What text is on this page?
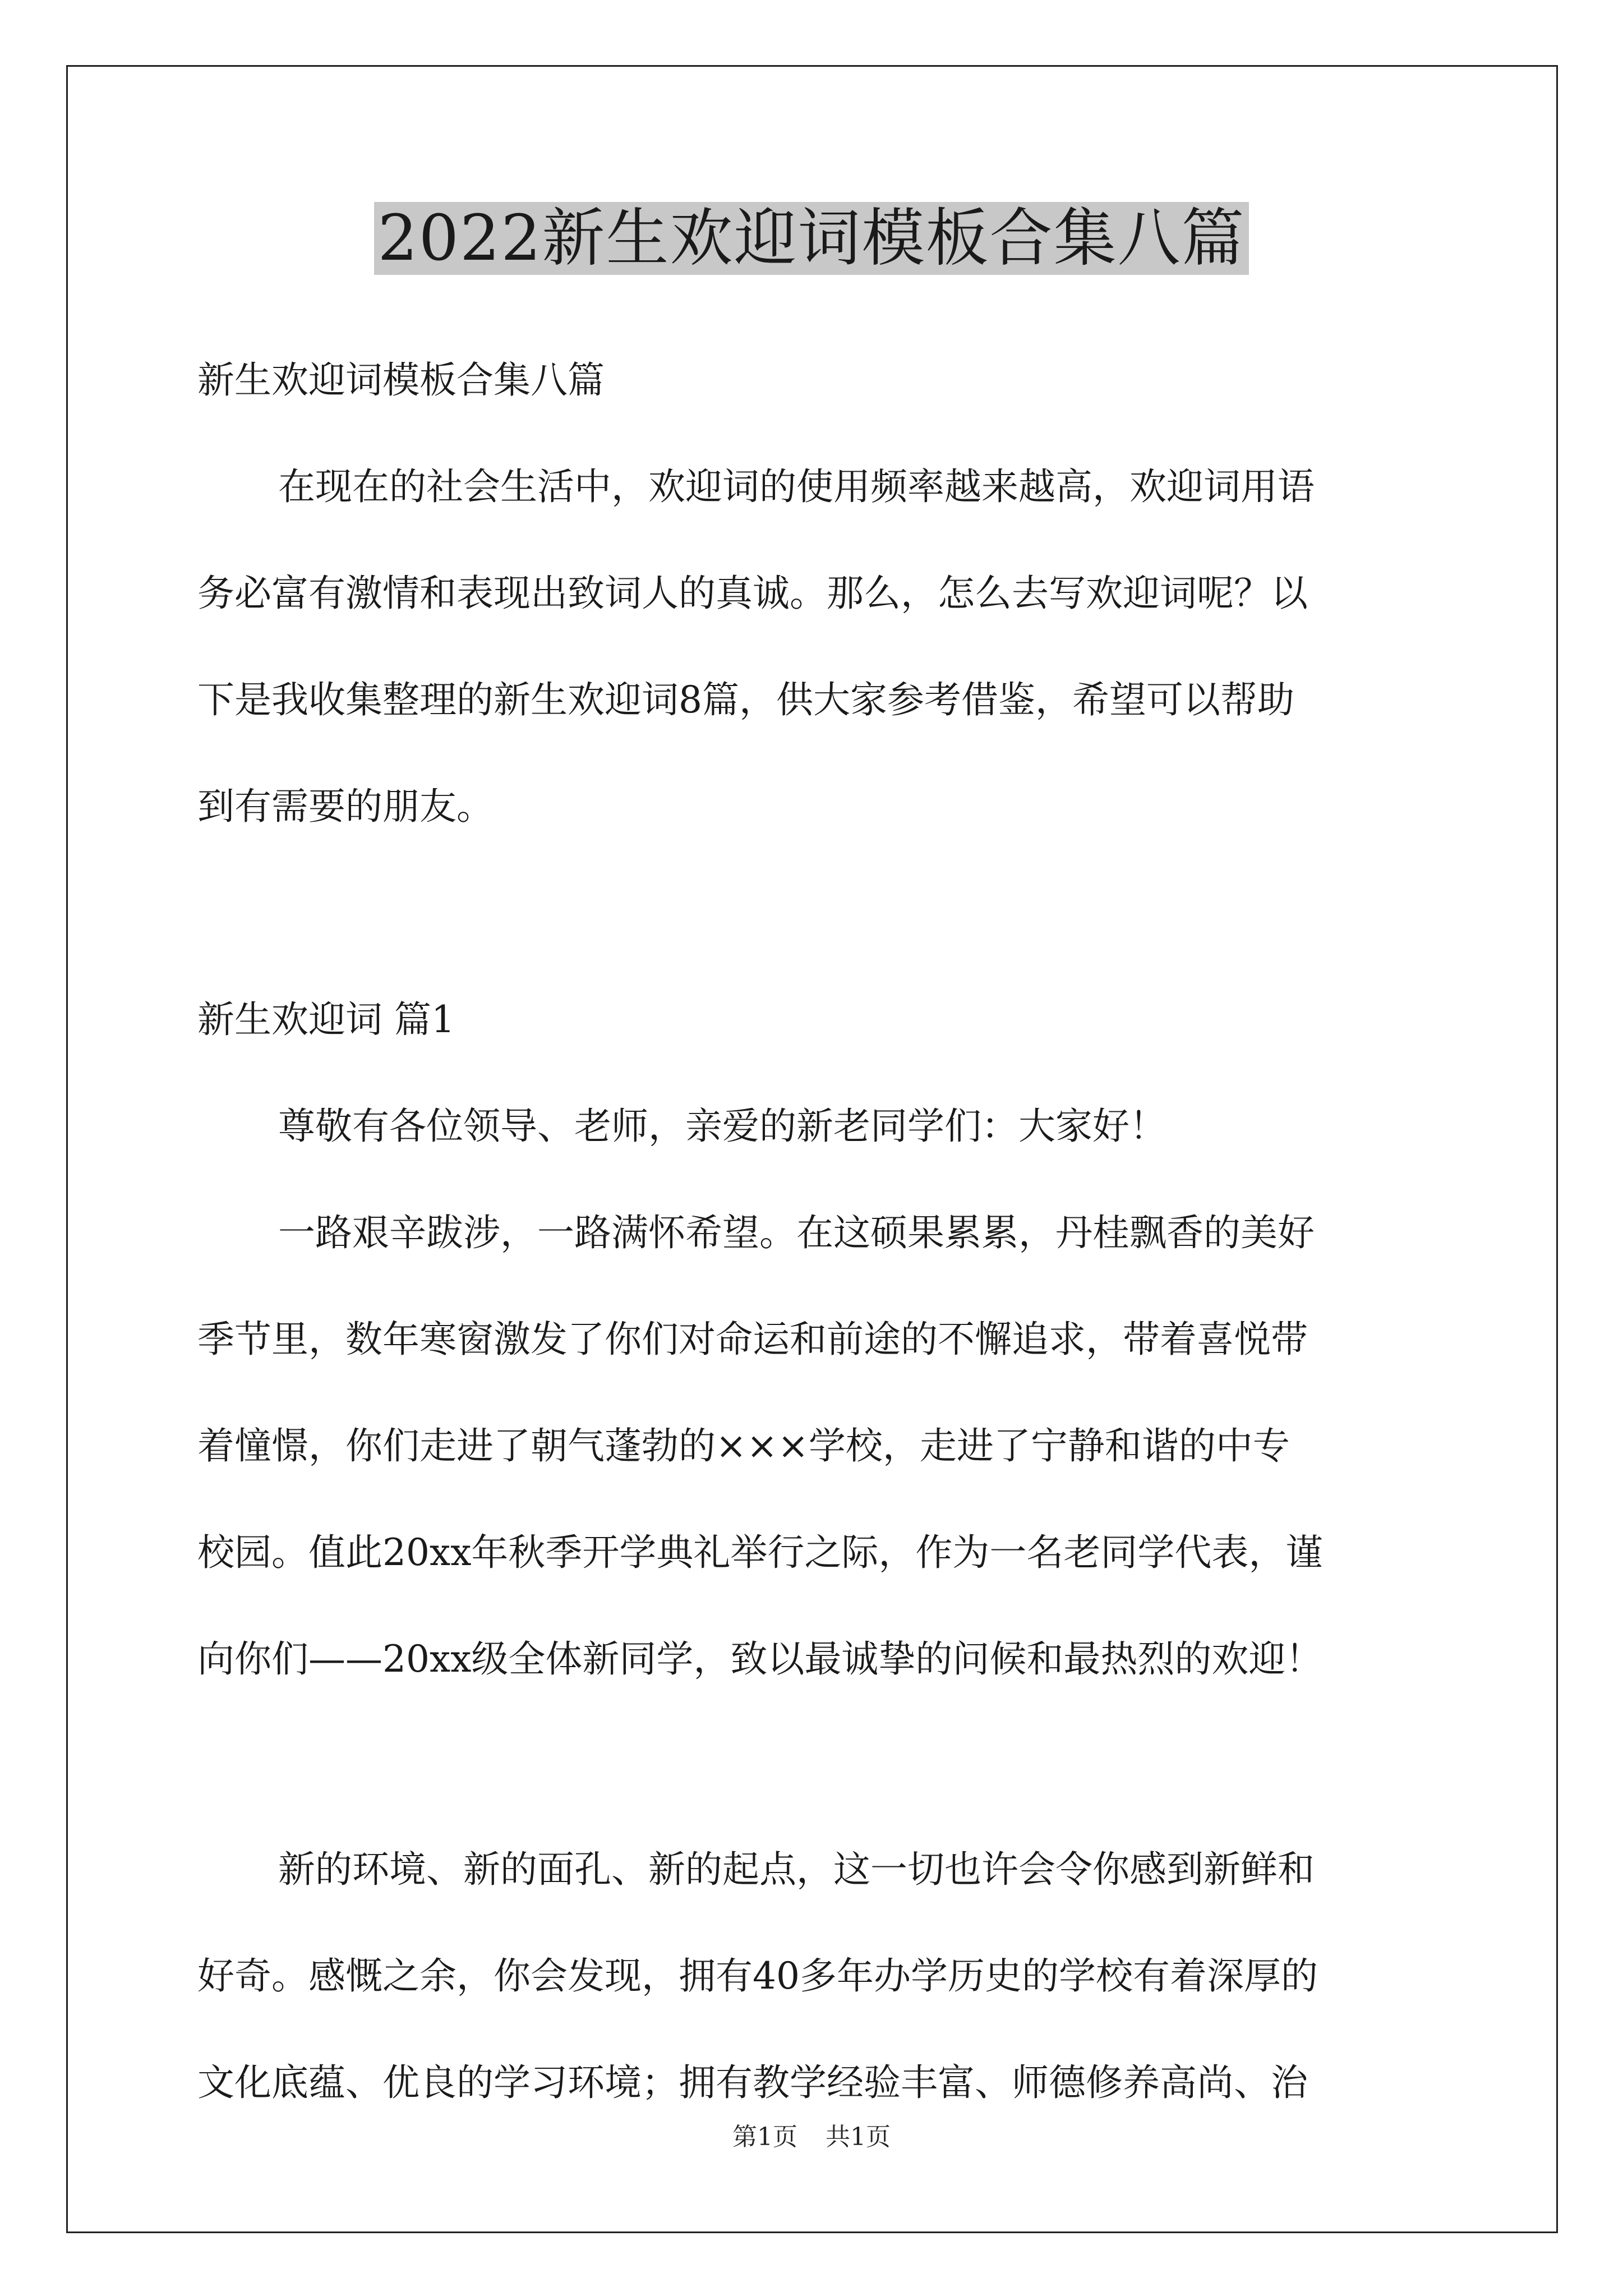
2022新生欢迎词模板合集八篇
新生欢迎词模板合集八篇
在现在的社会生活中，欢迎词的使用频率越来越高，欢迎词用语
务必富有激情和表现出致词人的真诚。那么，怎么去写欢迎词呢？以
下是我收集整理的新生欢迎词8篇，供大家参考借鉴，希望可以帮助
到有需要的朋友。
新生欢迎词 篇1
尊敬有各位领导、老师，亲爱的新老同学们：大家好！
一路艰辛跋涉，一路满怀希望。在这硕果累累，丹桂飘香的美好
季节里，数年寒窗激发了你们对命运和前途的不懈追求，带着喜悦带
着憧憬，你们走进了朝气蓬勃的×××学校，走进了宁静和谐的中专
校园。值此20xx年秋季开学典礼举行之际，作为一名老同学代表，谨
向你们——20xx级全体新同学，致以最诚挚的问候和最热烈的欢迎！
新的环境、新的面孔、新的起点，这一切也许会令你感到新鲜和
好奇。感慨之余，你会发现，拥有40多年办学历史的学校有着深厚的
文化底蕴、优良的学习环境；拥有教学经验丰富、师德修养高尚、治
第1页 共1页
